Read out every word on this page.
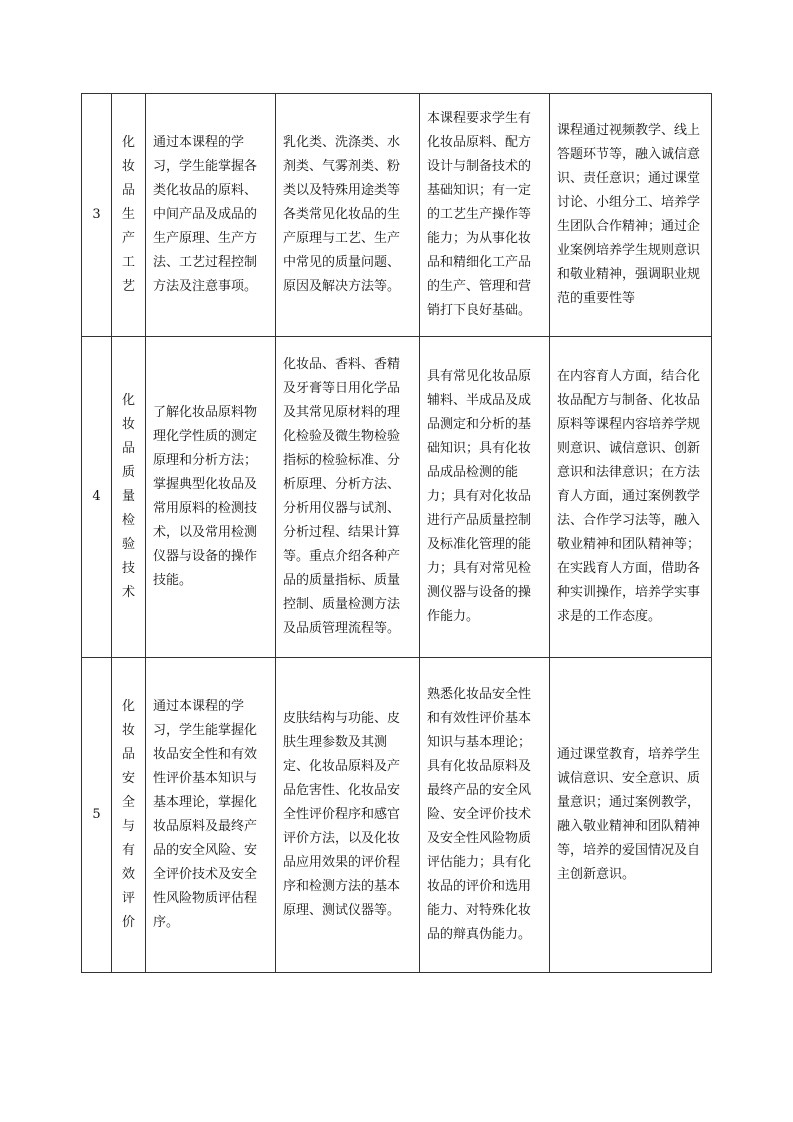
3	化妆品生产工艺	通过本课程的学习，学生能掌握各类化妆品的原料、中间产品及成品的生产原理、生产方法、工艺过程控制方法及注意事项。	乳化类、洗涤类、水剂类、气雾剂类、粉类以及特殊用途类等各类常见化妆品的生产原理与工艺、生产中常见的质量问题、原因及解决方法等。	本课程要求学生有化妆品原料、配方设计与制备技术的基础知识；有一定的工艺生产操作等能力；为从事化妆品和精细化工产品的生产、管理和营销打下良好基础。	课程通过视频教学、线上答题环节等，融入诚信意识、责任意识；通过课堂讨论、小组分工、培养学生团队合作精神；通过企业案例培养学生规则意识和敬业精神，强调职业规范的重要性等
4	化妆品质量检验技术	了解化妆品原料物理化学性质的测定原理和分析方法；掌握典型化妆品及常用原料的检测技术，以及常用检测仪器与设备的操作技能。	化妆品、香料、香精及牙膏等日用化学品及其常见原材料的理化检验及微生物检验指标的检验标准、分析原理、分析方法、分析用仪器与试剂、分析过程、结果计算等。重点介绍各种产品的质量指标、质量控制、质量检测方法及品质管理流程等。	具有常见化妆品原辅料、半成品及成品测定和分析的基础知识；具有化妆品成品检测的能力；具有对化妆品进行产品质量控制及标准化管理的能力；具有对常见检测仪器与设备的操作能力。	在内容育人方面，结合化妆品配方与制备、化妆品原料等课程内容培养学规则意识、诚信意识、创新意识和法律意识；在方法育人方面，通过案例教学法、合作学习法等，融入敬业精神和团队精神等；在实践育人方面，借助各种实训操作，培养学实事求是的工作态度。
5	化妆品安全与有效评价	通过本课程的学习，学生能掌握化妆品安全性和有效性评价基本知识与基本理论，掌握化妆品原料及最终产品的安全风险、安全评价技术及安全性风险物质评估程序。	皮肤结构与功能、皮肤生理参数及其测定、化妆品原料及产品危害性、化妆品安全性评价程序和感官评价方法，以及化妆品应用效果的评价程序和检测方法的基本原理、测试仪器等。	熟悉化妆品安全性和有效性评价基本知识与基本理论；具有化妆品原料及最终产品的安全风险、安全评价技术及安全性风险物质评估能力；具有化妆品的评价和选用能力、对特殊化妆品的辩真伪能力。	通过课堂教育，培养学生诚信意识、安全意识、质量意识；通过案例教学，融入敬业精神和团队精神等，培养的爱国情况及自主创新意识。
